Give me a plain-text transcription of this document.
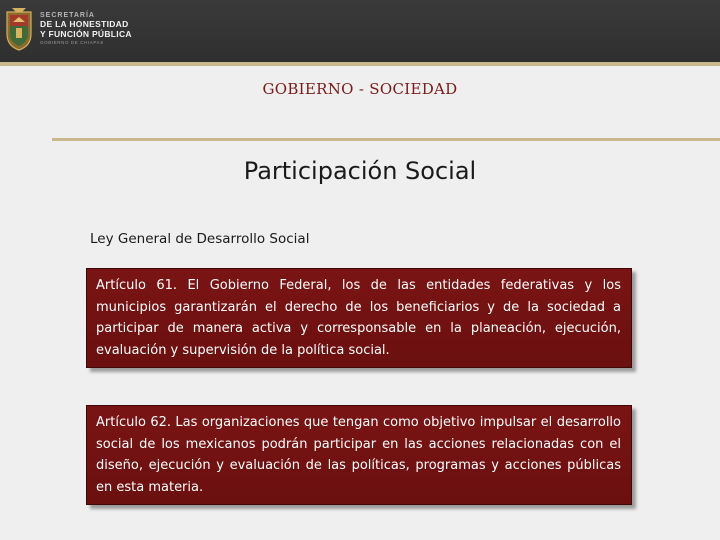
SECRETARÍA
DE LA HONESTIDAD
Y FUNCIÓN PÚBLICA
GOBIERNO DE CHIAPAS
GOBIERNO - SOCIEDAD
Participación Social
Ley General de Desarrollo Social
Artículo 61. El Gobierno Federal, los de las entidades federativas y los municipios garantizarán el derecho de los beneficiarios y de la sociedad a participar de manera activa y corresponsable en la planeación, ejecución, evaluación y supervisión de la política social.
Artículo 62. Las organizaciones que tengan como objetivo impulsar el desarrollo social de los mexicanos podrán participar en las acciones relacionadas con el diseño, ejecución y evaluación de las políticas, programas y acciones públicas en esta materia.
